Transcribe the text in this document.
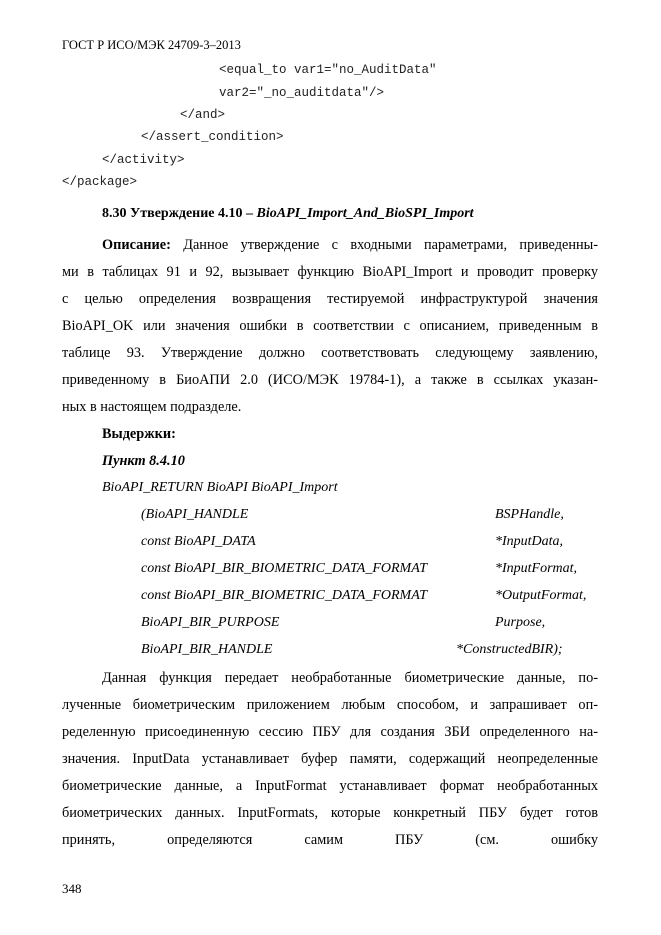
ГОСТ Р ИСО/МЭК 24709-3–2013
<equal_to var1="no_AuditData"
var2="_no_auditdata"/>
</and>
</assert_condition>
</activity>
</package>
8.30 Утверждение 4.10 – BioAPI_Import_And_BioSPI_Import
Описание: Данное утверждение с входными параметрами, приведенны-
ми в таблицах 91 и 92, вызывает функцию BioAPI_Import и проводит проверку
с целью определения возвращения тестируемой инфраструктурой значения
BioAPI_OK или значения ошибки в соответствии с описанием, приведенным в
таблице 93. Утверждение должно соответствовать следующему заявлению,
приведенному в БиоАПИ 2.0 (ИСО/МЭК 19784-1), а также в ссылках указан-
ных в настоящем подразделе.
Выдержки:
Пункт 8.4.10
BioAPI_RETURN BioAPI BioAPI_Import
(BioAPI_HANDLE	BSPHandle,
const BioAPI_DATA	*InputData,
const BioAPI_BIR_BIOMETRIC_DATA_FORMAT	*InputFormat,
const BioAPI_BIR_BIOMETRIC_DATA_FORMAT	*OutputFormat,
BioAPI_BIR_PURPOSE	Purpose,
BioAPI_BIR_HANDLE	*ConstructedBIR);
Данная функция передает необработанные биометрические данные, по-
лученные биометрическим приложением любым способом, и запрашивает оп-
ределенную присоединенную сессию ПБУ для создания ЗБИ определенного на-
значения. InputData устанавливает буфер памяти, содержащий неопределенные
биометрические данные, а InputFormat устанавливает формат необработанных
биометрических данных. InputFormats, которые конкретный ПБУ будет готов
принять, определяются самим ПБУ (см. ошибку
348
